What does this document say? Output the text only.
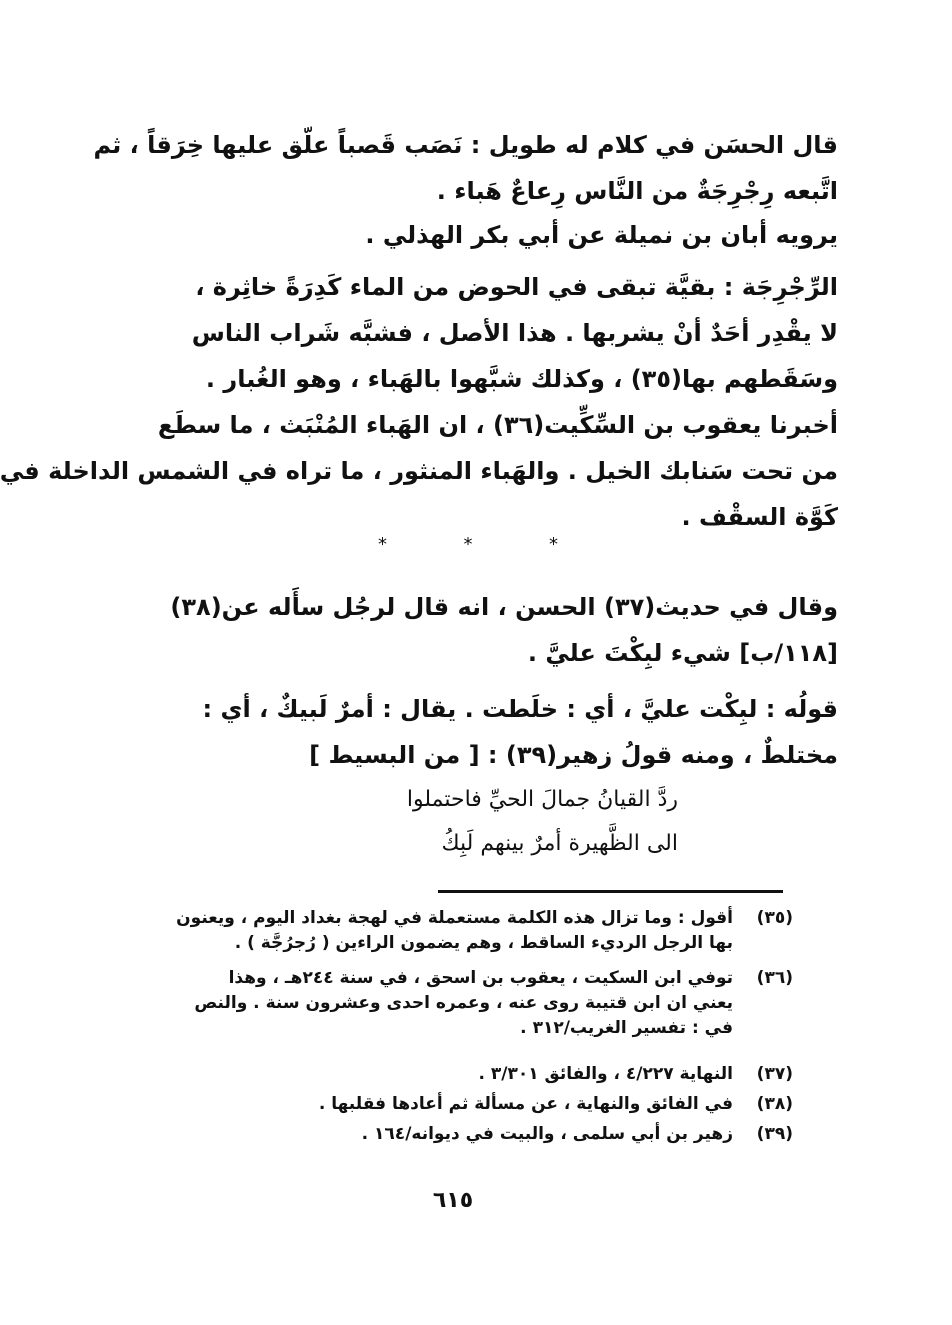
قال الحسَن في كلام له طويل : نَصَب قَصباً علّق عليها خِرَقاً ، ثم
اتَّبعه رِجْرِجَةٌ من النَّاس رِعاعٌ هَباء .
يرويه أبان بن نميلة عن أبي بكر الهذلي .
الرِّجْرِجَة : بقيَّة تبقى في الحوض من الماء كَدِرَةً خاثِرة ،
لا يقْدِر أحَدٌ أنْ يشربها . هذا الأصل ، فشبَّه شَراب الناس
وسَقَطهم بها(٣٥) ، وكذلك شبَّهوا بالهَباء ، وهو الغُبار .
أخبرنا يعقوب بن السِّكِّيت(٣٦) ، ان الهَباء المُنْبَث ، ما سطَع
من تحت سَنابك الخيل . والهَباء المنثور ، ما تراه في الشمس الداخلة في
كَوَّة السقْف .
*
*
*
وقال في حديث(٣٧) الحسن ، انه قال لرجُل سأَله عن(٣٨)
[١١٨/ب] شيء لبِكْتَ عليَّ .
قولُه : لبِكْت عليَّ ، أي : خلَطت . يقال : أمرٌ لَبيكٌ ، أي :
مختلطٌ ، ومنه قولُ زهير(٣٩) : [ من البسيط ]
ردَّ القيانُ جمالَ الحيِّ فاحتملوا
الى الظَّهيرة أمرٌ بينهم لَبِكُ
(٣٥)
أقول : وما تزال هذه الكلمة مستعملة في لهجة بغداد اليوم ، ويعنون
بها الرجل الرديء الساقط ، وهم يضمون الراءين ( رُجرُجَّة ) .
(٣٦)
توفي ابن السكيت ، يعقوب بن اسحق ، في سنة ٢٤٤هـ ، وهذا
يعني ان ابن قتيبة روى عنه ، وعمره احدى وعشرون سنة . والنص
في : تفسير الغريب/٣١٢ .
(٣٧)
النهاية ٤/٢٢٧ ، والفائق ٣/٣٠١ .
(٣٨)
في الفائق والنهاية ، عن مسألة ثم أعادها فقلبها .
(٣٩)
زهير بن أبي سلمى ، والبيت في ديوانه/١٦٤ .
٦١٥
